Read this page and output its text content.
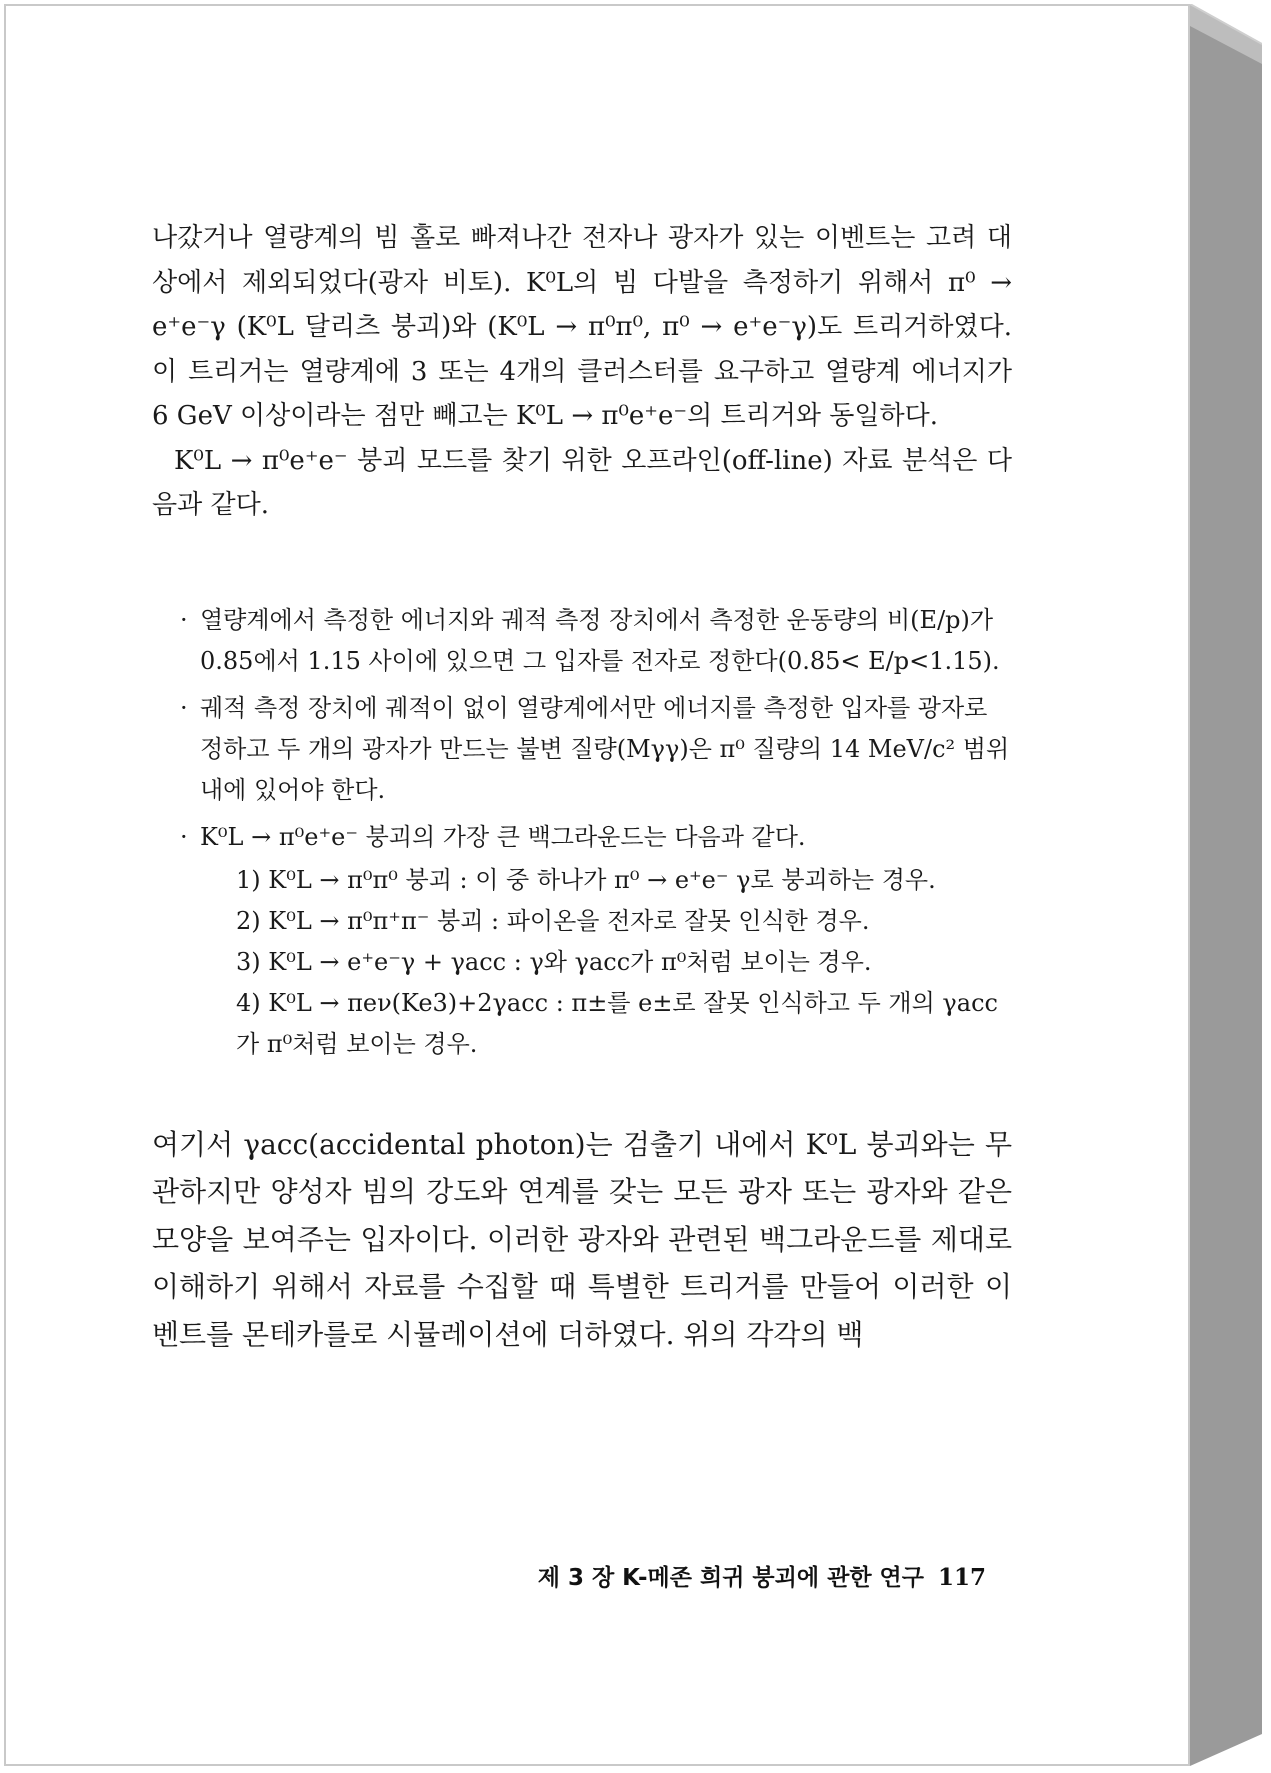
나갔거나 열량계의 빔 홀로 빠져나간 전자나 광자가 있는 이벤트는 고려 대상에서 제외되었다(광자 비토). K⁰L의 빔 다발을 측정하기 위해서 π⁰ → e⁺e⁻γ (K⁰L 달리츠 붕괴)와 (K⁰L → π⁰π⁰, π⁰ → e⁺e⁻γ)도 트리거하였다. 이 트리거는 열량계에 3 또는 4개의 클러스터를 요구하고 열량계 에너지가 6 GeV 이상이라는 점만 빼고는 K⁰L → π⁰e⁺e⁻의 트리거와 동일하다.

K⁰L → π⁰e⁺e⁻ 붕괴 모드를 찾기 위한 오프라인(off-line) 자료 분석은 다음과 같다.

· 열량계에서 측정한 에너지와 궤적 측정 장치에서 측정한 운동량의 비(E/p)가 0.85에서 1.15 사이에 있으면 그 입자를 전자로 정한다(0.85< E/p<1.15).
· 궤적 측정 장치에 궤적이 없이 열량계에서만 에너지를 측정한 입자를 광자로 정하고 두 개의 광자가 만드는 불변 질량(Mγγ)은 π⁰ 질량의 14 MeV/c² 범위 내에 있어야 한다.
· K⁰L → π⁰e⁺e⁻ 붕괴의 가장 큰 백그라운드는 다음과 같다.
1) K⁰L → π⁰π⁰ 붕괴 : 이 중 하나가 π⁰ → e⁺e⁻ γ로 붕괴하는 경우.
2) K⁰L → π⁰π⁺π⁻ 붕괴 : 파이온을 전자로 잘못 인식한 경우.
3) K⁰L → e⁺e⁻γ + γacc : γ와 γacc가 π⁰처럼 보이는 경우.
4) K⁰L → πeν(Ke3)+2γacc : π±를 e±로 잘못 인식하고 두 개의 γacc가 π⁰처럼 보이는 경우.

여기서 γacc(accidental photon)는 검출기 내에서 K⁰L 붕괴와는 무관하지만 양성자 빔의 강도와 연계를 갖는 모든 광자 또는 광자와 같은 모양을 보여주는 입자이다. 이러한 광자와 관련된 백그라운드를 제대로 이해하기 위해서 자료를 수집할 때 특별한 트리거를 만들어 이러한 이벤트를 몬테카를로 시뮬레이션에 더하였다. 위의 각각의 백

제 3 장 K-메존 희귀 붕괴에 관한 연구 117
